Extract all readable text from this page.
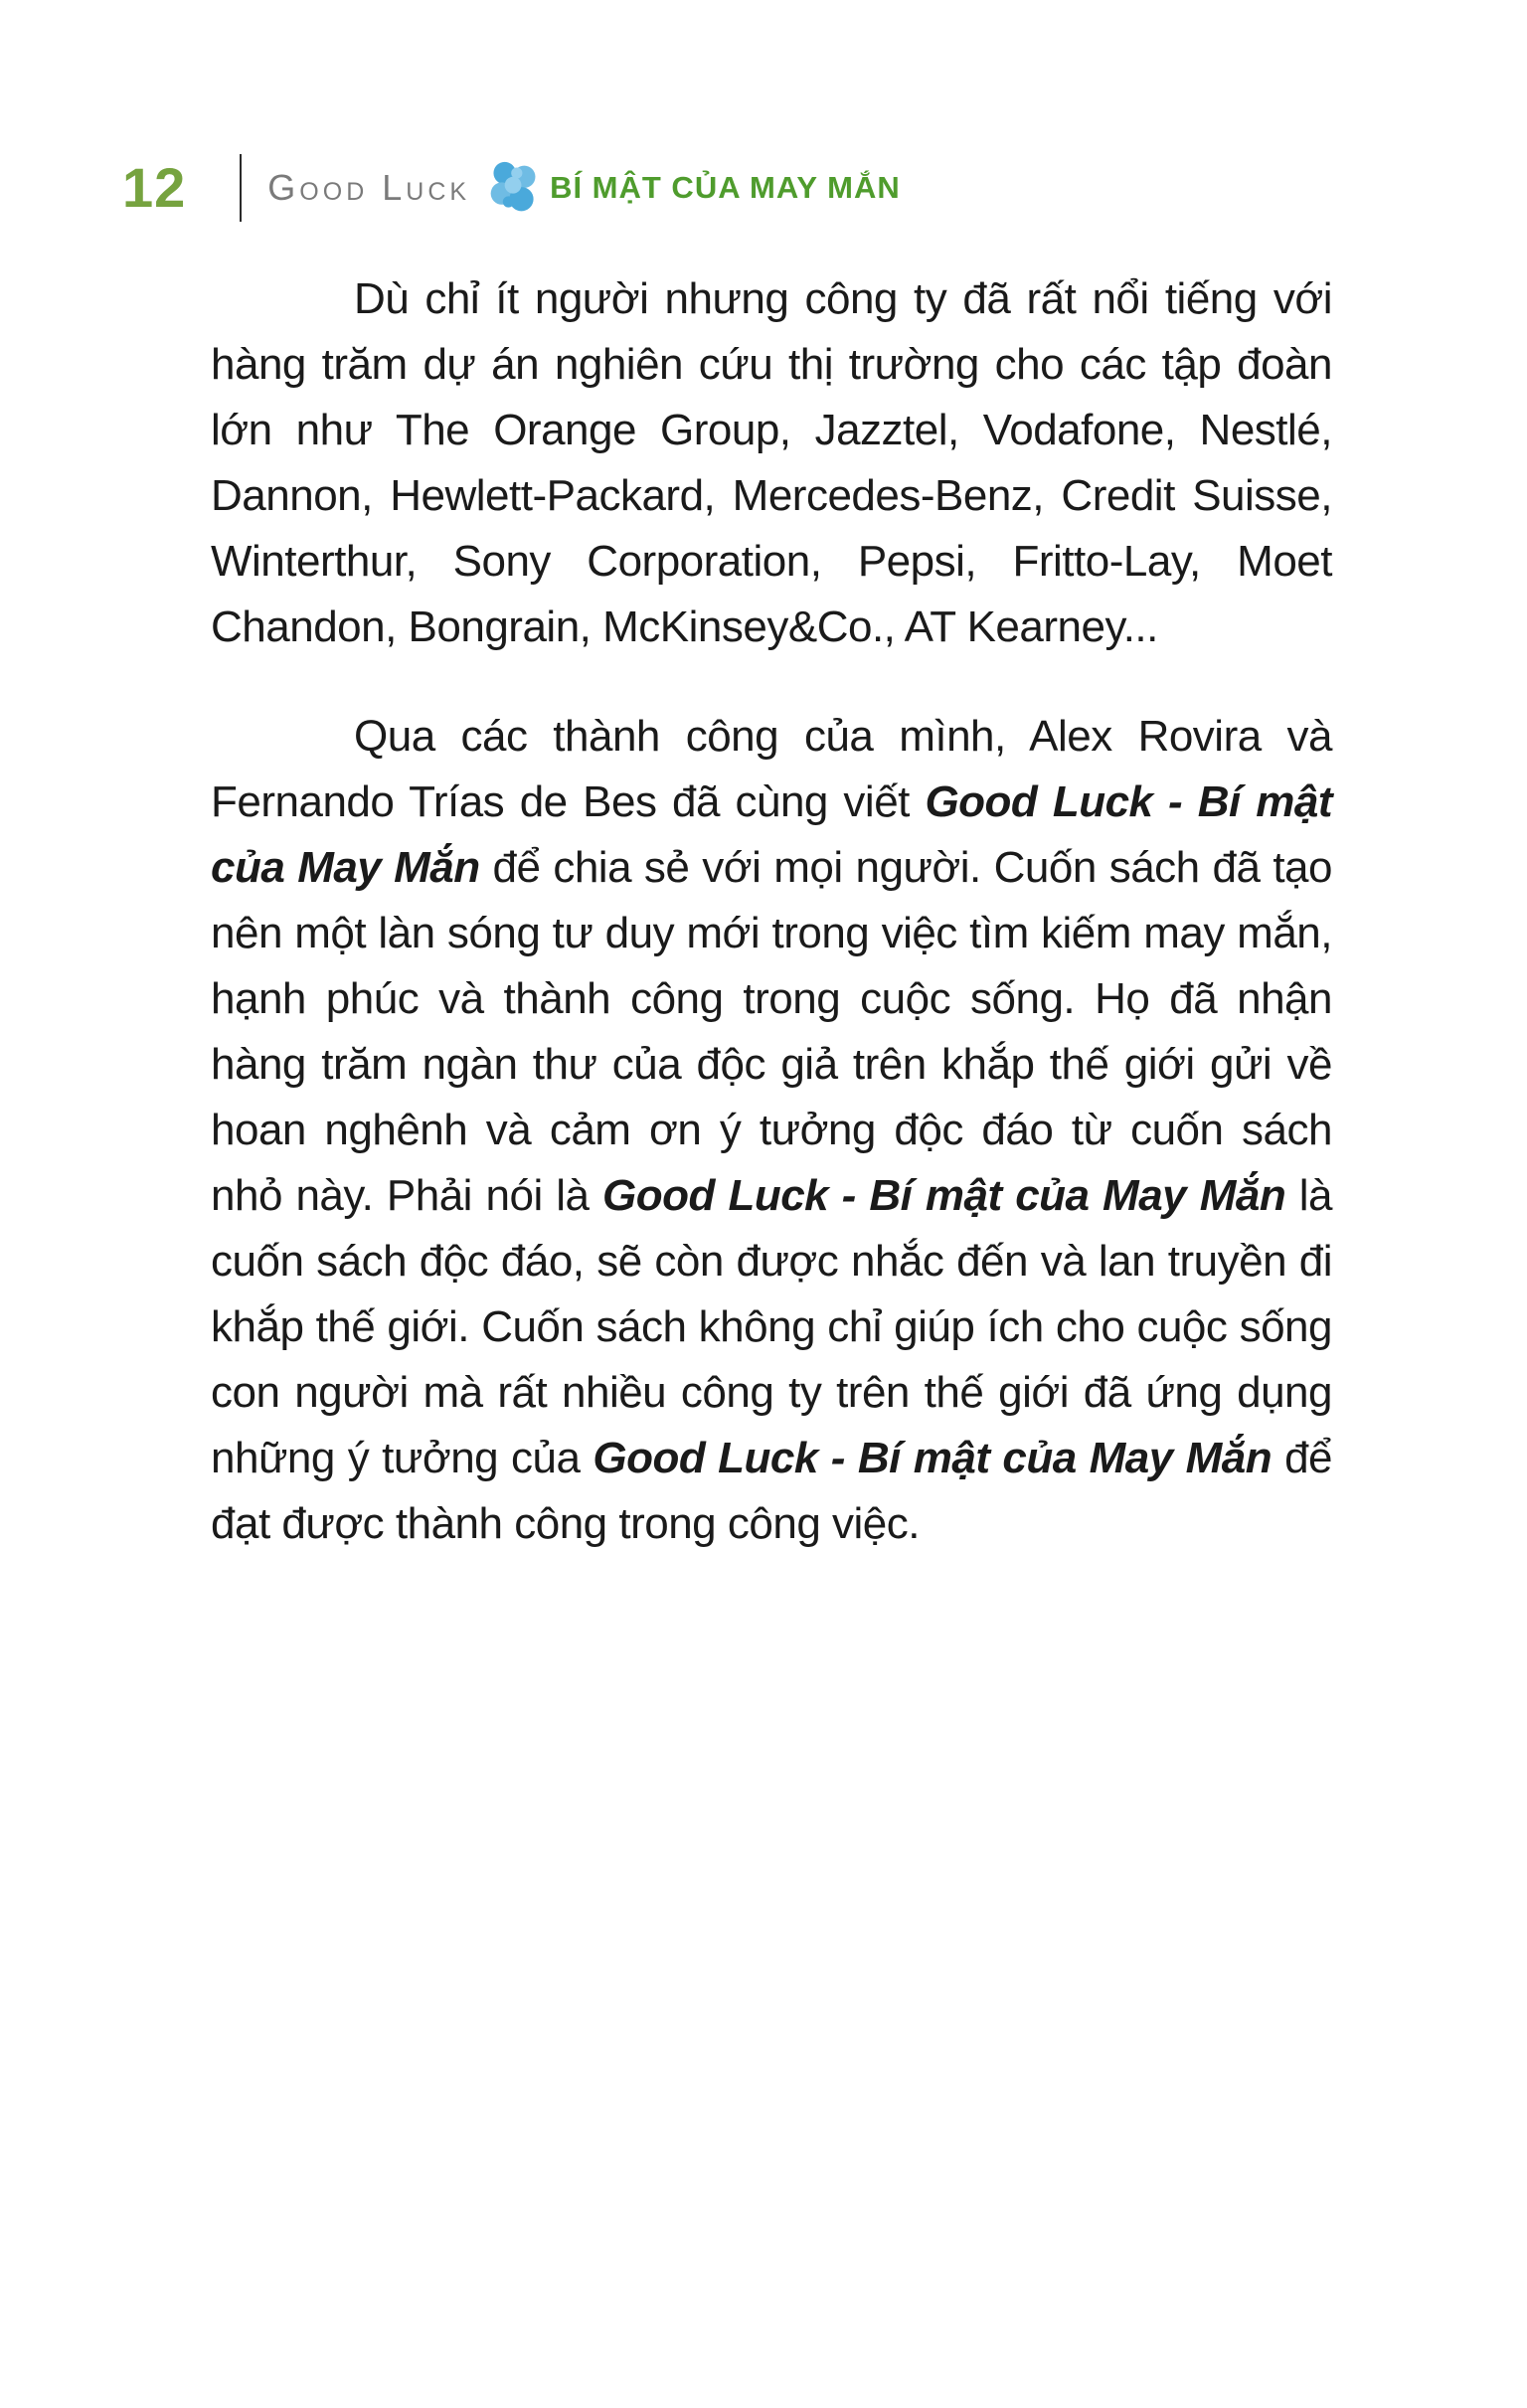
12 Good Luck	BÍ MẬT CỦA MAY MẮN

Dù chỉ ít người nhưng công ty đã rất nổi tiếng với hàng trăm dự án nghiên cứu thị trường cho các tập đoàn lớn như The Orange Group, Jazztel, Vodafone, Nestlé, Dannon, Hewlett-Packard, Mercedes-Benz, Credit Suisse, Winterthur, Sony Corporation, Pepsi, Fritto-Lay, Moet Chandon, Bongrain, McKinsey&Co., AT Kearney...

Qua các thành công của mình, Alex Rovira và Fernando Trías de Bes đã cùng viết Good Luck - Bí mật của May Mắn để chia sẻ với mọi người. Cuốn sách đã tạo nên một làn sóng tư duy mới trong việc tìm kiếm may mắn, hạnh phúc và thành công trong cuộc sống. Họ đã nhận hàng trăm ngàn thư của độc giả trên khắp thế giới gửi về hoan nghênh và cảm ơn ý tưởng độc đáo từ cuốn sách nhỏ này. Phải nói là Good Luck - Bí mật của May Mắn là cuốn sách độc đáo, sẽ còn được nhắc đến và lan truyền đi khắp thế giới. Cuốn sách không chỉ giúp ích cho cuộc sống con người mà rất nhiều công ty trên thế giới đã ứng dụng những ý tưởng của Good Luck - Bí mật của May Mắn để đạt được thành công trong công việc.
